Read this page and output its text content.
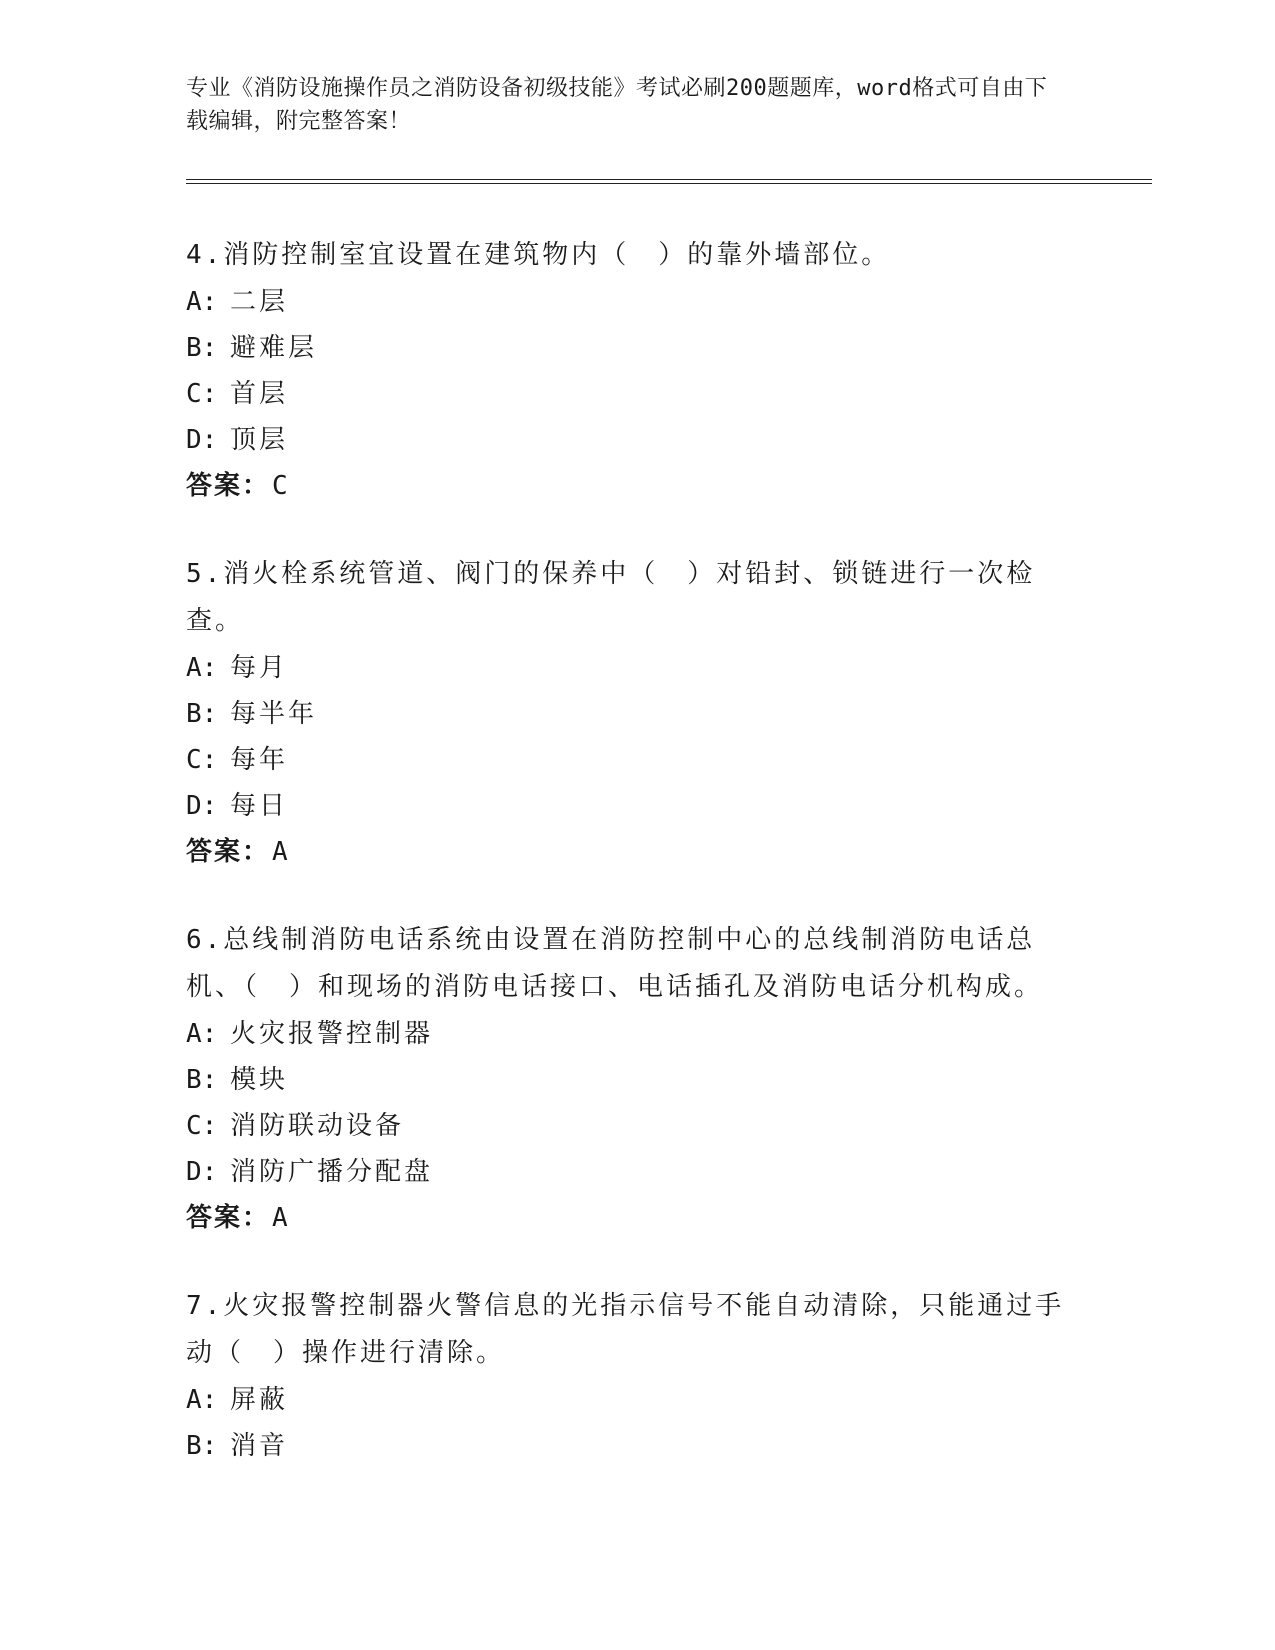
专业《消防设施操作员之消防设备初级技能》考试必刷200题题库，word格式可自由下载编辑，附完整答案！

4.消防控制室宜设置在建筑物内（　）的靠外墙部位。

A: 二层
B: 避难层
C: 首层
D: 顶层
答案：C

5.消火栓系统管道、阀门的保养中（　）对铅封、锁链进行一次检查。

A: 每月
B: 每半年
C: 每年
D: 每日
答案：A

6.总线制消防电话系统由设置在消防控制中心的总线制消防电话总机、（　）和现场的消防电话接口、电话插孔及消防电话分机构成。

A: 火灾报警控制器
B: 模块
C: 消防联动设备
D: 消防广播分配盘
答案：A

7.火灾报警控制器火警信息的光指示信号不能自动清除，只能通过手动（　）操作进行清除。

A: 屏蔽
B: 消音
